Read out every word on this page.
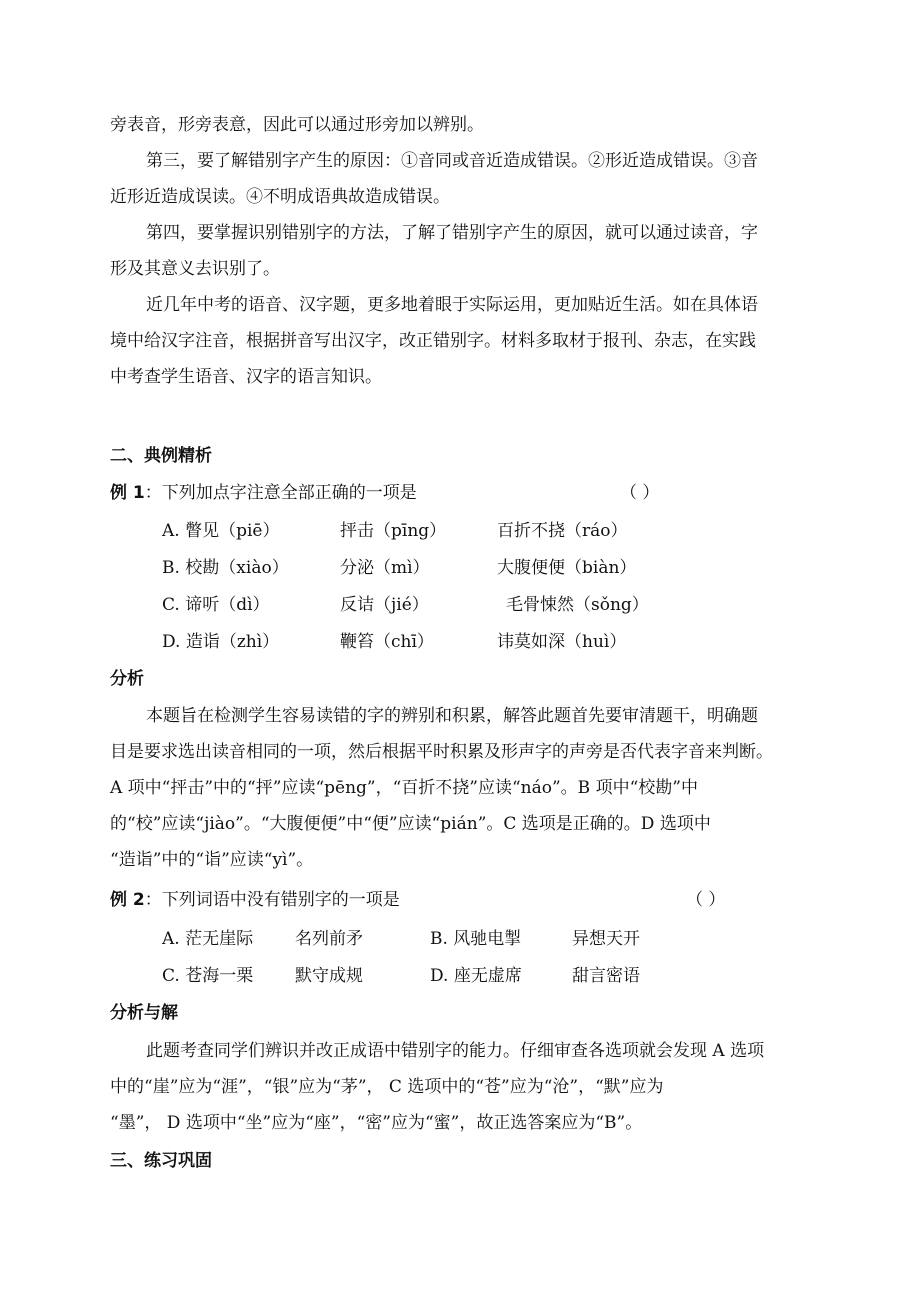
旁表音，形旁表意，因此可以通过形旁加以辨别。
第三，要了解错别字产生的原因：①音同或音近造成错误。②形近造成错误。③音
近形近造成误读。④不明成语典故造成错误。
第四，要掌握识别错别字的方法，了解了错别字产生的原因，就可以通过读音，字
形及其意义去识别了。
近几年中考的语音、汉字题，更多地着眼于实际运用，更加贴近生活。如在具体语
境中给汉字注音，根据拼音写出汉字，改正错别字。材料多取材于报刊、杂志，在实践
中考查学生语音、汉字的语言知识。
二、典例精析
例 1：下列加点字注意全部正确的一项是	（ ）
A. 瞥见（piē）	抨击（pīng）	百折不挠（ráo）
B. 校勘（xiào）	分泌（mì）	大腹便便（biàn）
C. 谛听（dì）	反诘（jié）	毛骨悚然（sǒng）
D. 造诣（zhì）	鞭笞（chī）	讳莫如深（huì）
分析
本题旨在检测学生容易读错的字的辨别和积累，解答此题首先要审清题干，明确题
目是要求选出读音相同的一项，然后根据平时积累及形声字的声旁是否代表字音来判断。
A 项中“抨击”中的“抨”应读“pēng”，“百折不挠”应读“náo”。B 项中“校勘”中
的“校”应读“jiào”。“大腹便便”中“便”应读“pián”。C 选项是正确的。D 选项中
“造诣”中的“诣”应读“yì”。
例 2：下列词语中没有错别字的一项是	（ ）
A. 茫无崖际 名列前矛	B. 风驰电掣	异想天开
C. 苍海一栗 默守成规	D. 座无虚席	甜言密语
分析与解
此题考查同学们辨识并改正成语中错别字的能力。仔细审查各选项就会发现 A 选项
中的“崖”应为“涯”，“银”应为“茅”， C 选项中的“苍”应为“沧”，“默”应为
“墨”， D 选项中“坐”应为“座”，“密”应为“蜜”，故正选答案应为“B”。
三、练习巩固
